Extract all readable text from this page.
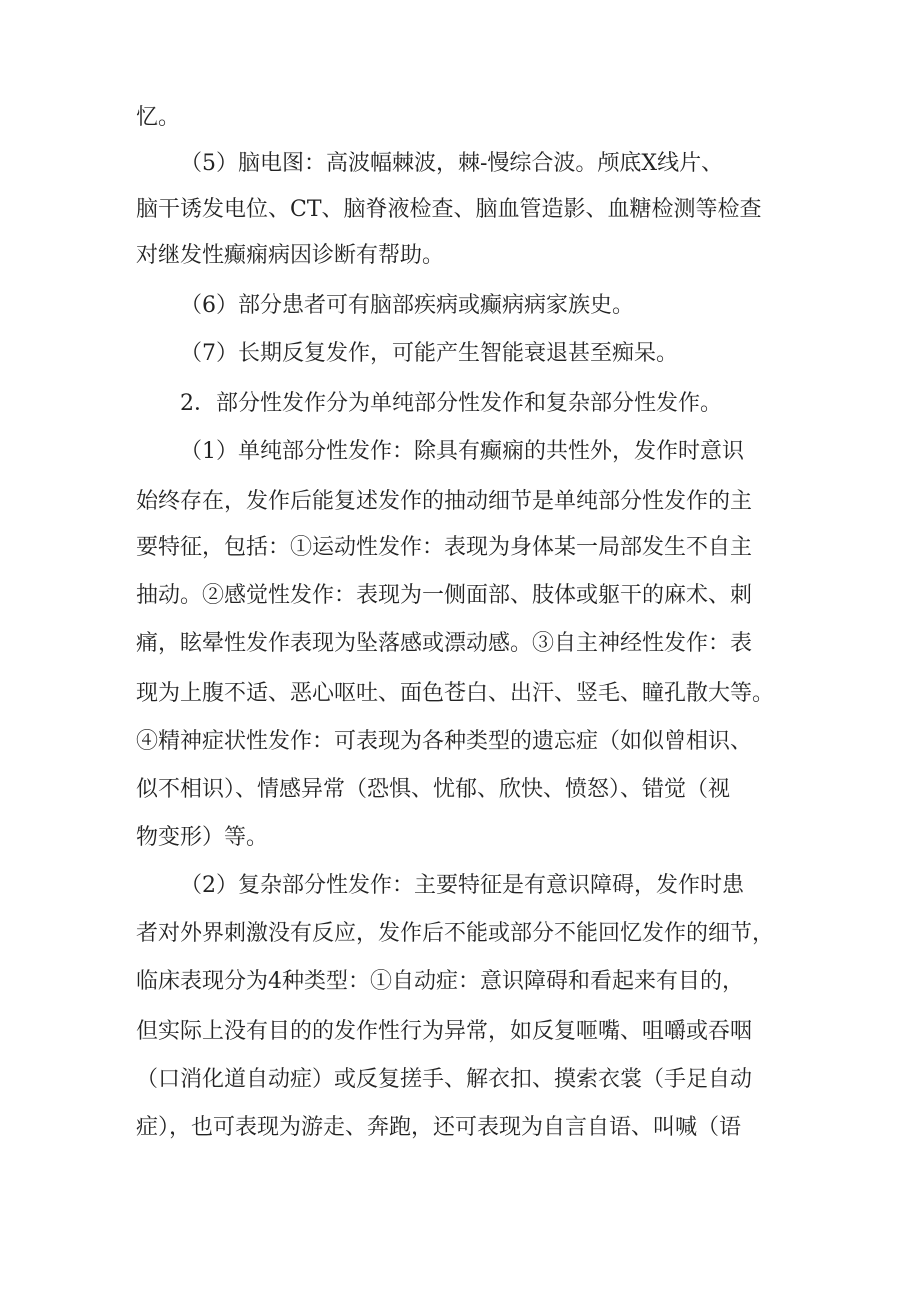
忆。
（5）脑电图：高波幅棘波，棘-慢综合波。颅底X线片、
脑干诱发电位、CT、脑脊液检查、脑血管造影、血糖检测等检查
对继发性癫痫病因诊断有帮助。
（6）部分患者可有脑部疾病或癫病病家族史。
（7）长期反复发作，可能产生智能衰退甚至痴呆。
2．部分性发作分为单纯部分性发作和复杂部分性发作。
（1）单纯部分性发作：除具有癫痫的共性外，发作时意识
始终存在，发作后能复述发作的抽动细节是单纯部分性发作的主
要特征，包括：①运动性发作：表现为身体某一局部发生不自主
抽动。②感觉性发作：表现为一侧面部、肢体或躯干的麻术、刺
痛，眩晕性发作表现为坠落感或漂动感。③自主神经性发作：表
现为上腹不适、恶心呕吐、面色苍白、出汗、竖毛、瞳孔散大等。
④精神症状性发作：可表现为各种类型的遗忘症（如似曾相识、
似不相识）、情感异常（恐惧、忧郁、欣快、愤怒）、错觉（视
物变形）等。
（2）复杂部分性发作：主要特征是有意识障碍，发作时患
者对外界刺激没有反应，发作后不能或部分不能回忆发作的细节，
临床表现分为4种类型：①自动症：意识障碍和看起来有目的，
但实际上没有目的的发作性行为异常，如反复咂嘴、咀嚼或吞咽
（口消化道自动症）或反复搓手、解衣扣、摸索衣裳（手足自动
症），也可表现为游走、奔跑，还可表现为自言自语、叫喊（语
